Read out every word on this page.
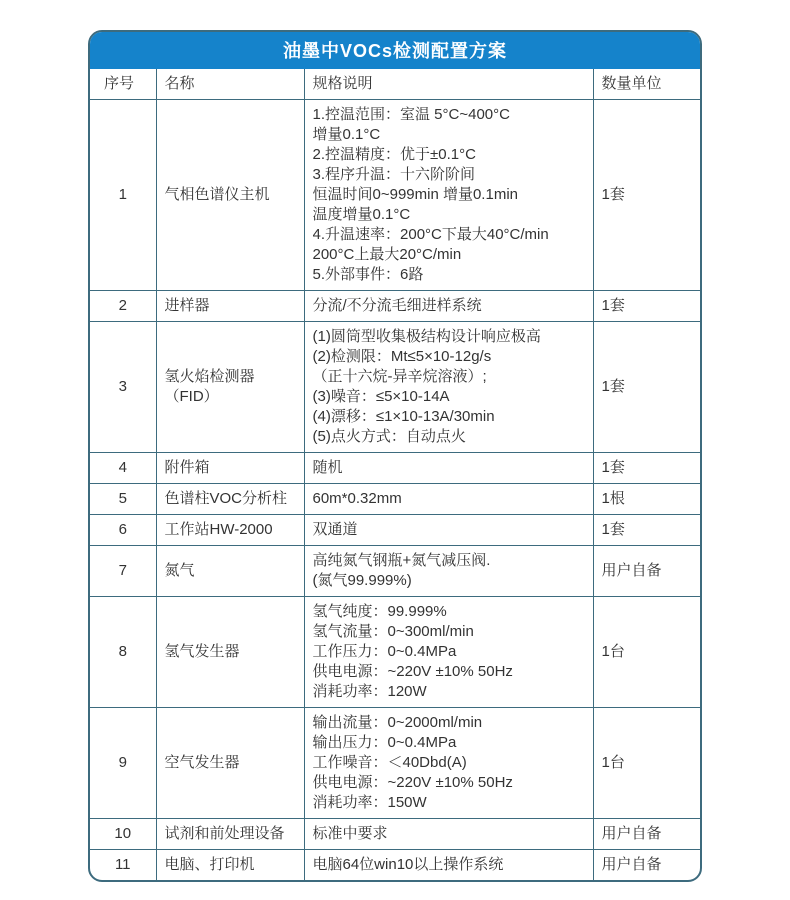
油墨中VOCs检测配置方案
序号	名称	规格说明	数量单位
1	气相色谱仪主机	
1.控温范围：室温 5°C~400°C
增量0.1°C
2.控温精度：优于±0.1°C
3.程序升温：十六阶阶间
恒温时间0~999min 增量0.1min
温度增量0.1°C
4.升温速率：200°C下最大40°C/min
200°C上最大20°C/min
5.外部事件：6路
	1套
2	进样器	分流/不分流毛细进样系统	1套
3	氢火焰检测器（FID）	
(1)圆筒型收集极结构设计响应极高
(2)检测限：Mt≤5×10-12g/s
（正十六烷-异辛烷溶液）;
(3)噪音：≤5×10-14A
(4)漂移：≤1×10-13A/30min
(5)点火方式：自动点火
	1套
4	附件箱	随机	1套
5	色谱柱VOC分析柱	60m*0.32mm	1根
6	工作站HW-2000	双通道	1套
7	氮气	高纯氮气钢瓶+氮气减压阀.
(氮气99.999%)	用户自备
8	氢气发生器	氢气纯度：99.999%
氢气流量：0~300ml/min
工作压力：0~0.4MPa
供电电源：~220V ±10% 50Hz
消耗功率：120W	1台
9	空气发生器	输出流量：0~2000ml/min
输出压力：0~0.4MPa
工作噪音：＜40Dbd(A)
供电电源：~220V ±10% 50Hz
消耗功率：150W	1台
10	试剂和前处理设备	标准中要求	用户自备
11	电脑、打印机	电脑64位win10以上操作系统	用户自备
